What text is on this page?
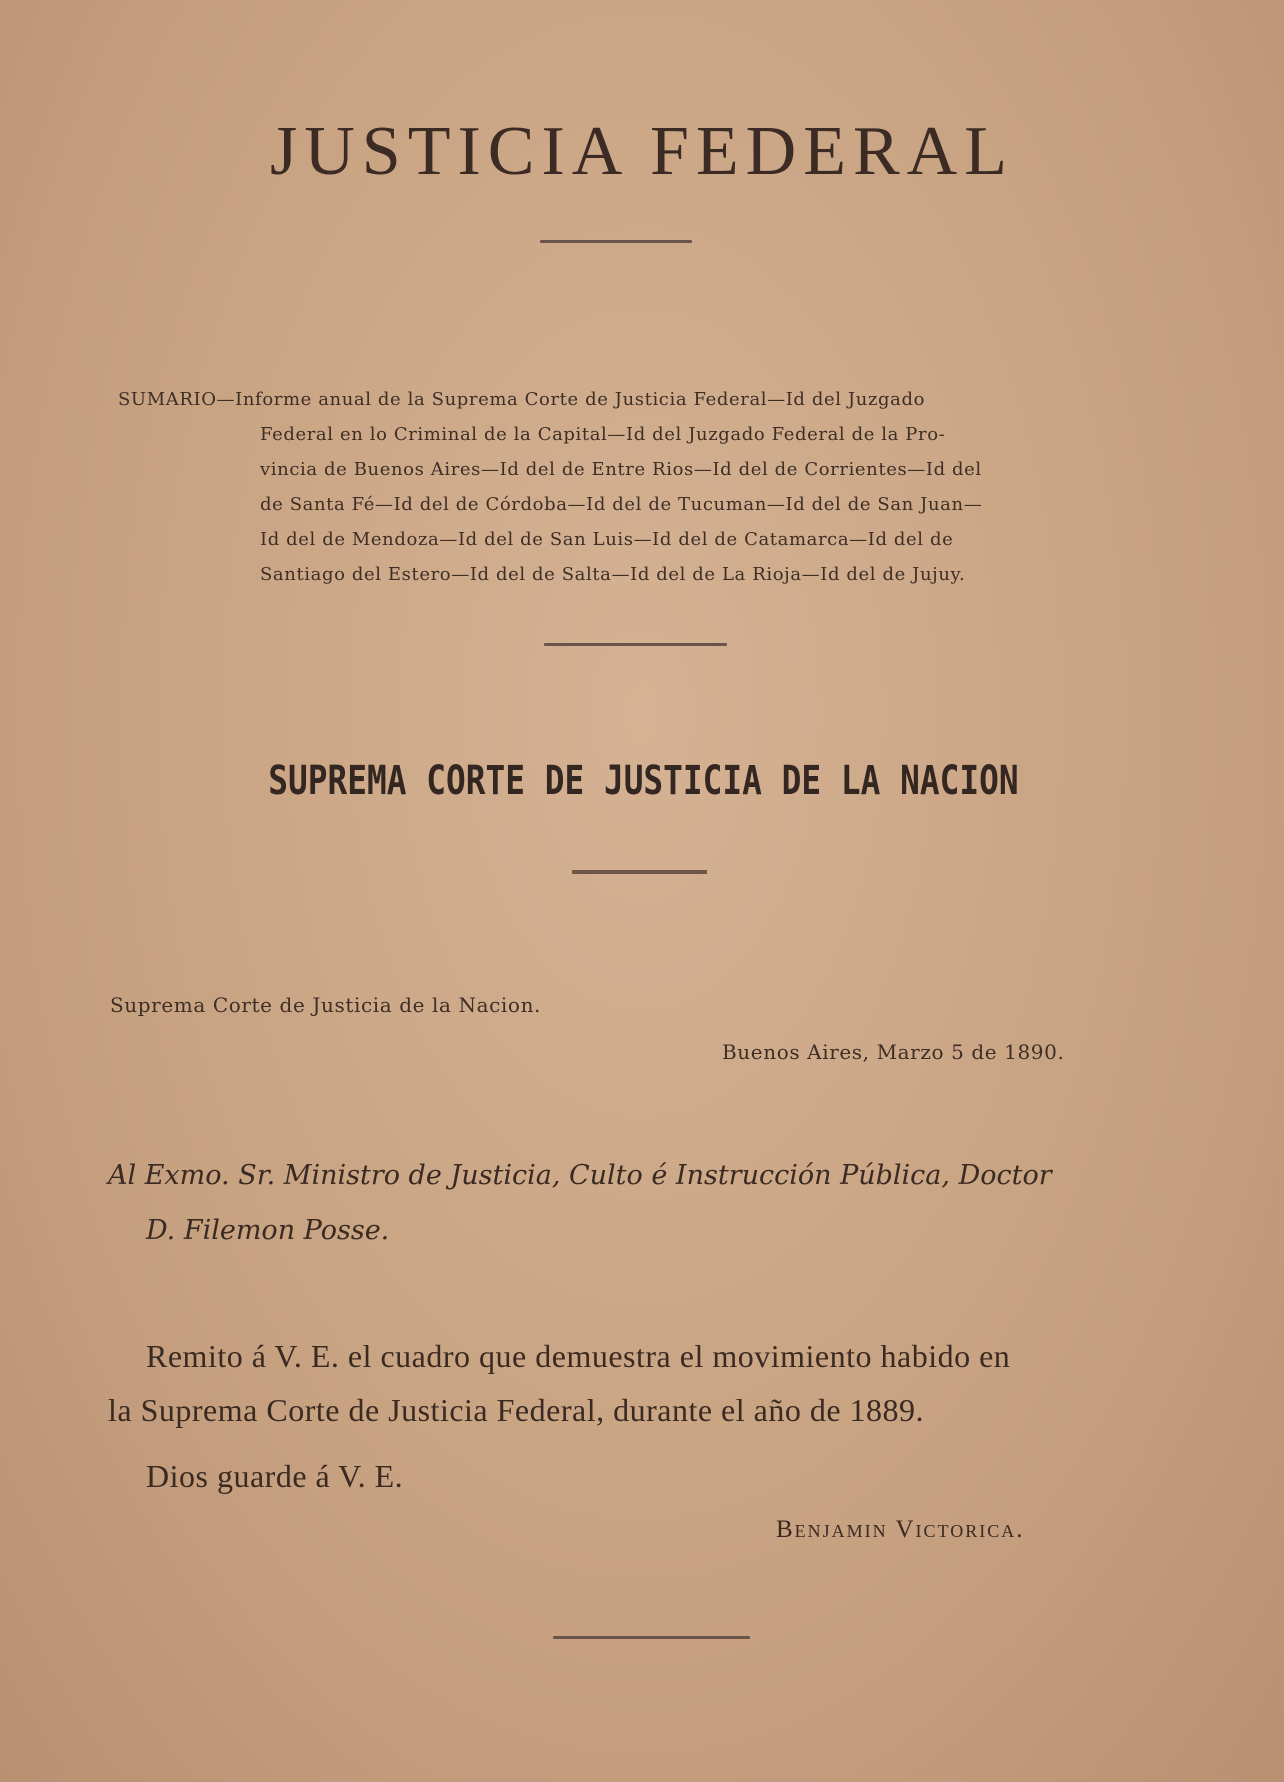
JUSTICIA FEDERAL
SUMARIO—Informe anual de la Suprema Corte de Justicia Federal—Id del Juzgado
Federal en lo Criminal de la Capital—Id del Juzgado Federal de la Pro-
vincia de Buenos Aires—Id del de Entre Rios—Id del de Corrientes—Id del
de Santa Fé—Id del de Córdoba—Id del de Tucuman—Id del de San Juan—
Id del de Mendoza—Id del de San Luis—Id del de Catamarca—Id del de
Santiago del Estero—Id del de Salta—Id del de La Rioja—Id del de Jujuy.
SUPREMA CORTE DE JUSTICIA DE LA NACION
Suprema Corte de Justicia de la Nacion.
Buenos Aires, Marzo 5 de 1890.
Al Exmo. Sr. Ministro de Justicia, Culto é Instrucción Pública, Doctor
D. Filemon Posse.
Remito á V. E. el cuadro que demuestra el movimiento habido en
la Suprema Corte de Justicia Federal, durante el año de 1889.
Dios guarde á V. E.
Benjamin Victorica.
